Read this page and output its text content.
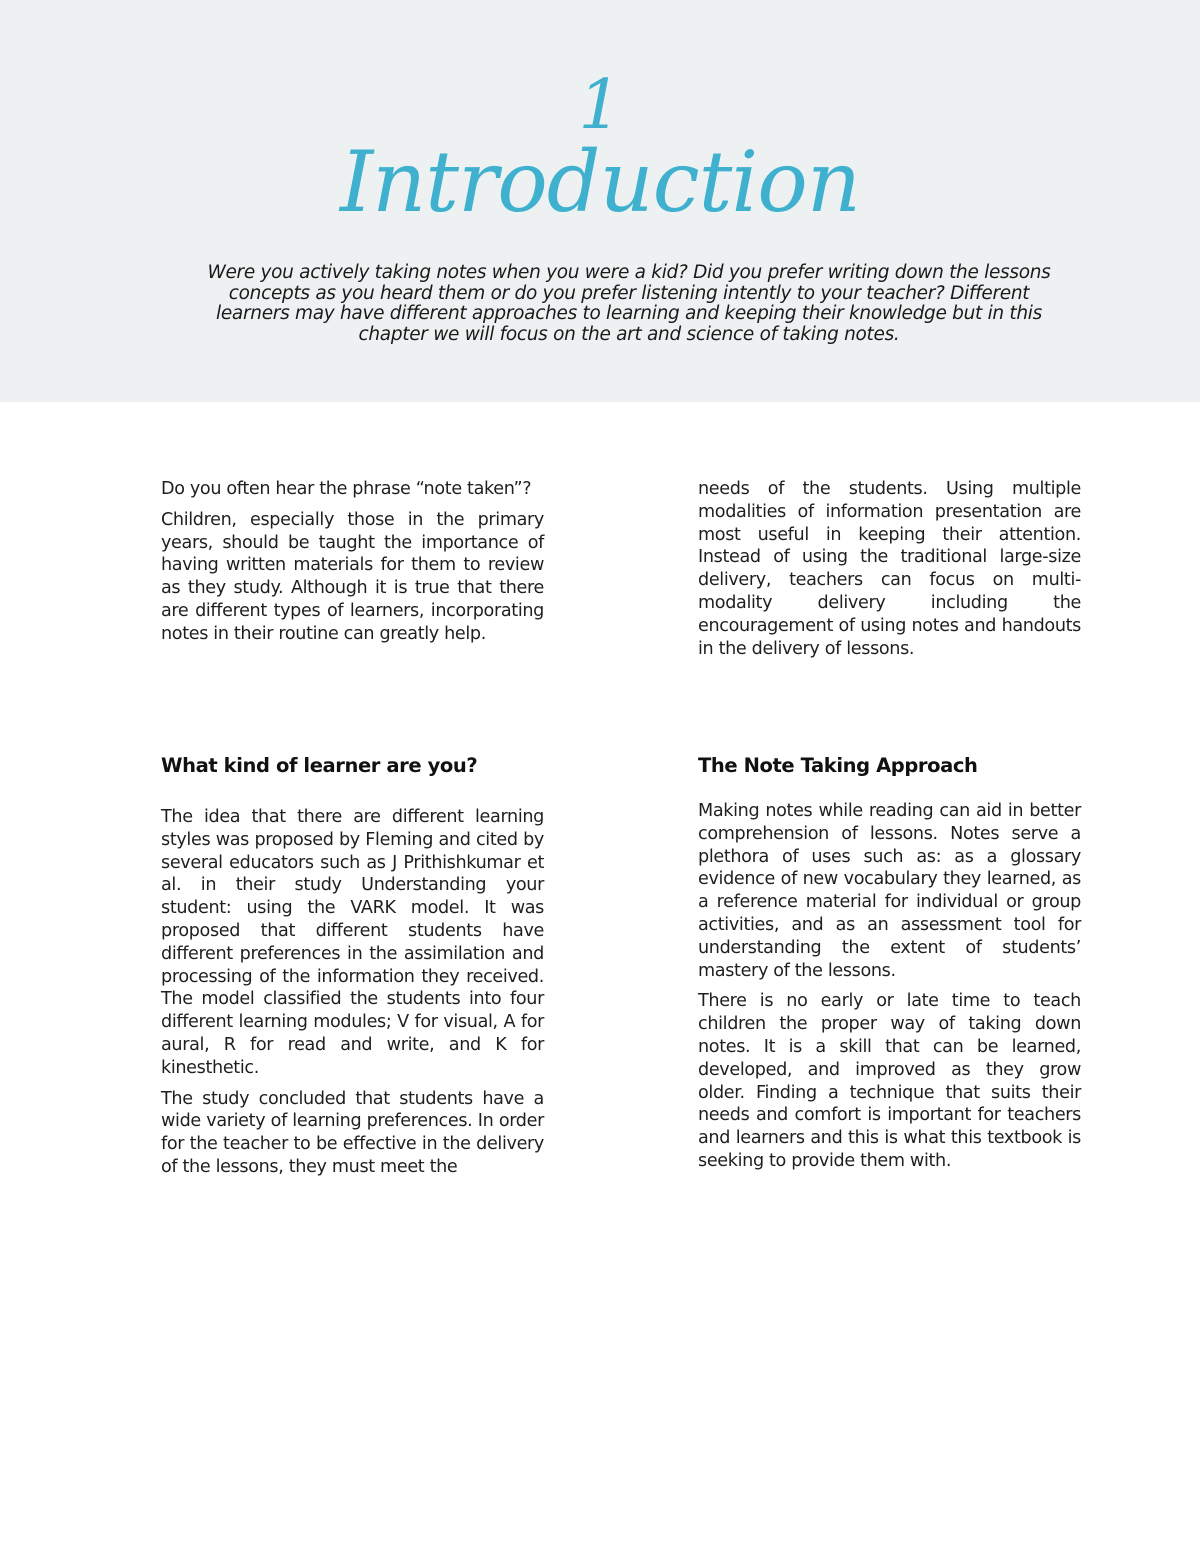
1
Introduction

Were you actively taking notes when you were a kid? Did you prefer writing down the lessons concepts as you heard them or do you prefer listening intently to your teacher? Different learners may have different approaches to learning and keeping their knowledge but in this chapter we will focus on the art and science of taking notes.

Do you often hear the phrase “note taken”?

Children, especially those in the primary years, should be taught the importance of having written materials for them to review as they study. Although it is true that there are different types of learners, incorporating notes in their routine can greatly help.

What kind of learner are you?

The idea that there are different learning styles was proposed by Fleming and cited by several educators such as J Prithishkumar et al. in their study Understanding your student: using the VARK model. It was proposed that different students have different preferences in the assimilation and processing of the information they received. The model classified the students into four different learning modules; V for visual, A for aural, R for read and write, and K for kinesthetic.

The study concluded that students have a wide variety of learning preferences. In order for the teacher to be effective in the delivery of the lessons, they must meet the

needs of the students. Using multiple modalities of information presentation are most useful in keeping their attention. Instead of using the traditional large-size delivery, teachers can focus on multi-modality delivery including the encouragement of using notes and handouts in the delivery of lessons.

The Note Taking Approach

Making notes while reading can aid in better comprehension of lessons. Notes serve a plethora of uses such as: as a glossary evidence of new vocabulary they learned, as a reference material for individual or group activities, and as an assessment tool for understanding the extent of students’ mastery of the lessons.

There is no early or late time to teach children the proper way of taking down notes. It is a skill that can be learned, developed, and improved as they grow older. Finding a technique that suits their needs and comfort is important for teachers and learners and this is what this textbook is seeking to provide them with.
